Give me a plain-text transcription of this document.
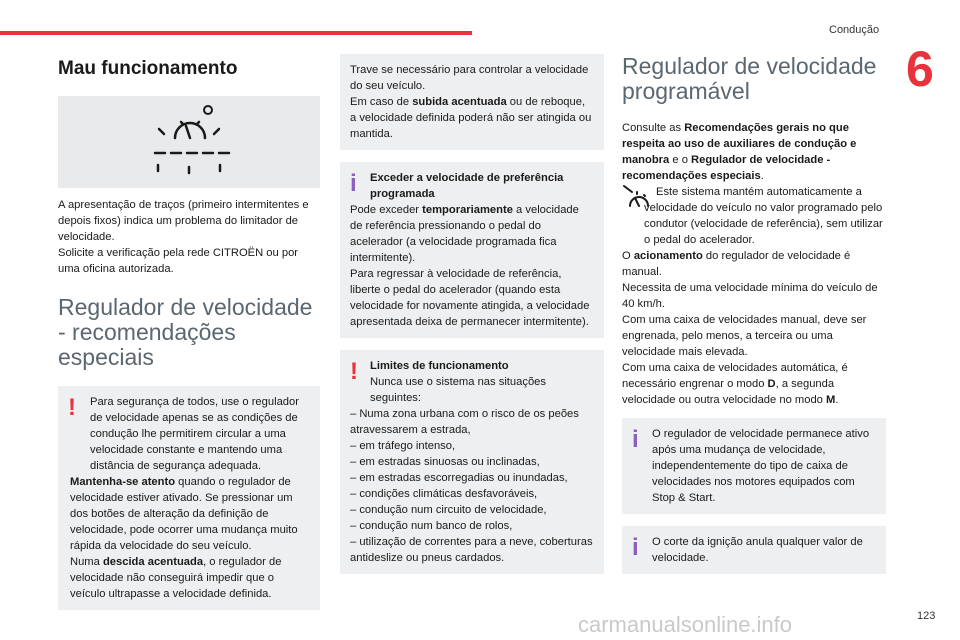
Condução
6
Mau funcionamento

A apresentação de traços (primeiro intermitentes e depois fixos) indica um problema do limitador de velocidade.

Solicite a verificação pela rede CITROËN ou por uma oficina autorizada.

Regulador de velocidade - recomendações especiais
!	Para segurança de todos, use o regulador de velocidade apenas se as condições de condução lhe permitirem circular a uma velocidade constante e mantendo uma distância de segurança adequada.

Mantenha-se atento quando o regulador de velocidade estiver ativado. Se pressionar um dos botões de alteração da definição de velocidade, pode ocorrer uma mudança muito rápida da velocidade do seu veículo.

Numa descida acentuada, o regulador de velocidade não conseguirá impedir que o veículo ultrapasse a velocidade definida.

Trave se necessário para controlar a velocidade do seu veículo.

Em caso de subida acentuada ou de reboque, a velocidade definida poderá não ser atingida ou mantida.

i	Exceder a velocidade de preferência programada

Pode exceder temporariamente a velocidade de referência pressionando o pedal do acelerador (a velocidade programada fica intermitente).

Para regressar à velocidade de referência, liberte o pedal do acelerador (quando esta velocidade for novamente atingida, a velocidade apresentada deixa de permanecer intermitente).

!	Limites de funcionamento

Nunca use o sistema nas situações seguintes:

– Numa zona urbana com o risco de os peões atravessarem a estrada,

– em tráfego intenso,

– em estradas sinuosas ou inclinadas,

– em estradas escorregadias ou inundadas,

– condições climáticas desfavoráveis,

– condução num circuito de velocidade,

– condução num banco de rolos,

– utilização de correntes para a neve, coberturas antideslize ou pneus cardados.

Regulador de velocidade programável

Consulte as Recomendações gerais no que respeita ao uso de auxiliares de condução e manobra e o Regulador de velocidade - recomendações especiais.

Este sistema mantém automaticamente a velocidade do veículo no valor programado pelo condutor (velocidade de referência), sem utilizar o pedal do acelerador.

O acionamento do regulador de velocidade é manual.

Necessita de uma velocidade mínima do veículo de 40 km/h.

Com uma caixa de velocidades manual, deve ser engrenada, pelo menos, a terceira ou uma velocidade mais elevada.

Com uma caixa de velocidades automática, é necessário engrenar o modo D, a segunda velocidade ou outra velocidade no modo M.

i	O regulador de velocidade permanece ativo após uma mudança de velocidade, independentemente do tipo de caixa de velocidades nos motores equipados com Stop & Start.

i	O corte da ignição anula qualquer valor de velocidade.

carmanualsonline.info	123
